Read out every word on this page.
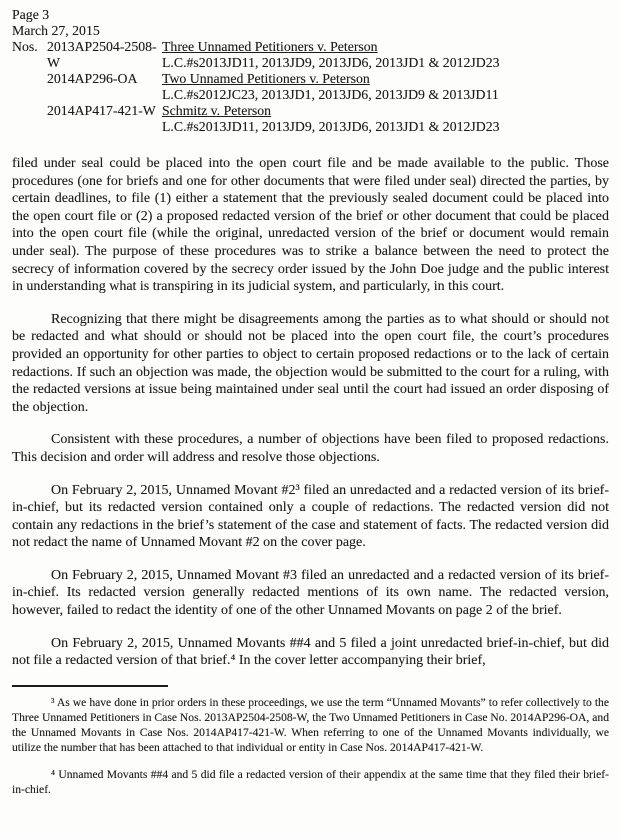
Page 3
March 27, 2015
Nos. 2013AP2504-2508-W
Three Unnamed Petitioners v. Peterson
L.C.#s2013JD11, 2013JD9, 2013JD6, 2013JD1 & 2012JD23
2014AP296-OA	Two Unnamed Petitioners v. Peterson
L.C.#s2012JC23, 2013JD1, 2013JD6, 2013JD9 & 2013JD11
2014AP417-421-W Schmitz v. Peterson
L.C.#s2013JD11, 2013JD9, 2013JD6, 2013JD1 & 2012JD23

filed under seal could be placed into the open court file and be made available to the public. Those procedures (one for briefs and one for other documents that were filed under seal) directed the parties, by certain deadlines, to file (1) either a statement that the previously sealed document could be placed into the open court file or (2) a proposed redacted version of the brief or other document that could be placed into the open court file (while the original, unredacted version of the brief or document would remain under seal). The purpose of these procedures was to strike a balance between the need to protect the secrecy of information covered by the secrecy order issued by the John Doe judge and the public interest in understanding what is transpiring in its judicial system, and particularly, in this court.

Recognizing that there might be disagreements among the parties as to what should or should not be redacted and what should or should not be placed into the open court file, the court’s procedures provided an opportunity for other parties to object to certain proposed redactions or to the lack of certain redactions. If such an objection was made, the objection would be submitted to the court for a ruling, with the redacted versions at issue being maintained under seal until the court had issued an order disposing of the objection.

Consistent with these procedures, a number of objections have been filed to proposed redactions. This decision and order will address and resolve those objections.

On February 2, 2015, Unnamed Movant #2³ filed an unredacted and a redacted version of its brief-in-chief, but its redacted version contained only a couple of redactions. The redacted version did not contain any redactions in the brief’s statement of the case and statement of facts. The redacted version did not redact the name of Unnamed Movant #2 on the cover page.

On February 2, 2015, Unnamed Movant #3 filed an unredacted and a redacted version of its brief-in-chief. Its redacted version generally redacted mentions of its own name. The redacted version, however, failed to redact the identity of one of the other Unnamed Movants on page 2 of the brief.

On February 2, 2015, Unnamed Movants ##4 and 5 filed a joint unredacted brief-in-chief, but did not file a redacted version of that brief.⁴ In the cover letter accompanying their brief,

³ As we have done in prior orders in these proceedings, we use the term “Unnamed Movants” to refer collectively to the Three Unnamed Petitioners in Case Nos. 2013AP2504-2508-W, the Two Unnamed Petitioners in Case No. 2014AP296-OA, and the Unnamed Movants in Case Nos. 2014AP417-421-W. When referring to one of the Unnamed Movants individually, we utilize the number that has been attached to that individual or entity in Case Nos. 2014AP417-421-W.

⁴ Unnamed Movants ##4 and 5 did file a redacted version of their appendix at the same time that they filed their brief-in-chief.
